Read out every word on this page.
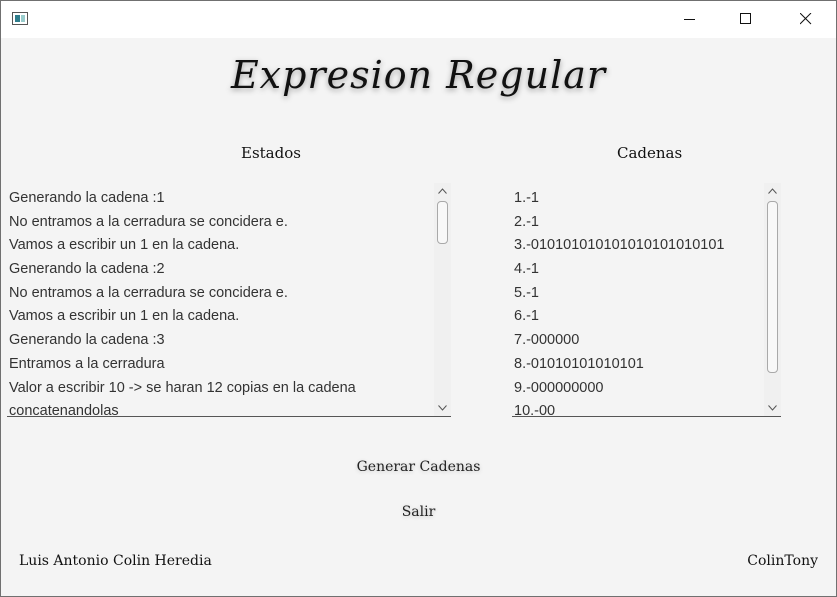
Expresion Regular
Estados	Cadenas
Generando la cadena :1
No entramos a la cerradura se concidera e.
Vamos a escribir un 1 en la cadena.
Generando la cadena :2
No entramos a la cerradura se concidera e.
Vamos a escribir un 1 en la cadena.
Generando la cadena :3
Entramos a la cerradura
Valor a escribir 10 -> se haran 12 copias en la cadena
concatenandolas
1.-1
2.-1
3.-010101010101010101010101
4.-1
5.-1
6.-1
7.-000000
8.-01010101010101
9.-000000000
10.-00
Generar Cadenas
Salir
Luis Antonio Colin Heredia	ColinTony
